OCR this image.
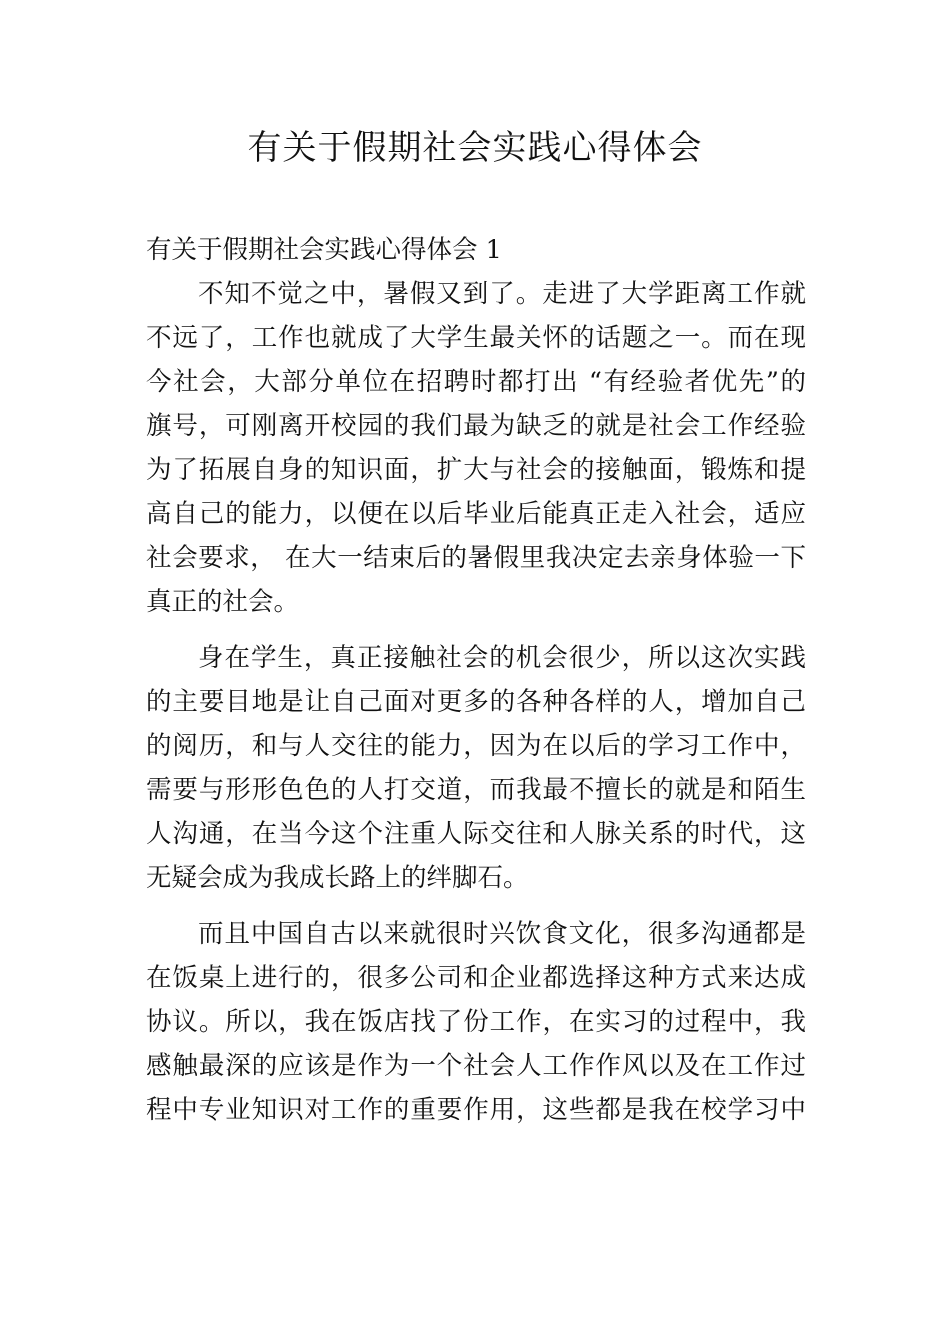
有关于假期社会实践心得体会
有关于假期社会实践心得体会 1
不知不觉之中，暑假又到了。走进了大学距离工作就
不远了，工作也就成了大学生最关怀的话题之一。而在现
今社会，大部分单位在招聘时都打出 “有经验者优先”的
旗号，可刚离开校园的我们最为缺乏的就是社会工作经验
为了拓展自身的知识面，扩大与社会的接触面，锻炼和提
高自己的能力，以便在以后毕业后能真正走入社会，适应
社会要求， 在大一结束后的暑假里我决定去亲身体验一下
真正的社会。
身在学生，真正接触社会的机会很少，所以这次实践
的主要目地是让自己面对更多的各种各样的人，增加自己
的阅历，和与人交往的能力，因为在以后的学习工作中，
需要与形形色色的人打交道，而我最不擅长的就是和陌生
人沟通，在当今这个注重人际交往和人脉关系的时代，这
无疑会成为我成长路上的绊脚石。
而且中国自古以来就很时兴饮食文化，很多沟通都是
在饭桌上进行的，很多公司和企业都选择这种方式来达成
协议。所以，我在饭店找了份工作，在实习的过程中，我
感触最深的应该是作为一个社会人工作作风以及在工作过
程中专业知识对工作的重要作用，这些都是我在校学习中
